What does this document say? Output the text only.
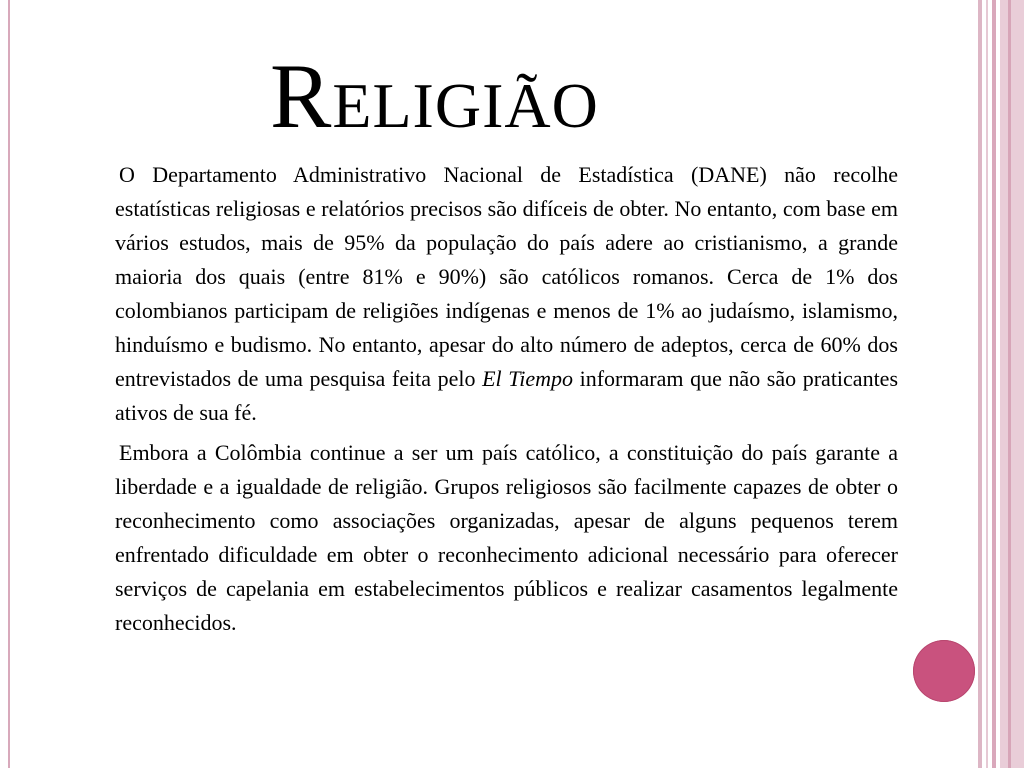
Religião

O Departamento Administrativo Nacional de Estadística (DANE) não recolhe estatísticas religiosas e relatórios precisos são difíceis de obter. No entanto, com base em vários estudos, mais de 95% da população do país adere ao cristianismo, a grande maioria dos quais (entre 81% e 90%) são católicos romanos. Cerca de 1% dos colombianos participam de religiões indígenas e menos de 1% ao judaísmo, islamismo, hinduísmo e budismo. No entanto, apesar do alto número de adeptos, cerca de 60% dos entrevistados de uma pesquisa feita pelo El Tiempo informaram que não são praticantes ativos de sua fé.

Embora a Colômbia continue a ser um país católico, a constituição do país garante a liberdade e a igualdade de religião. Grupos religiosos são facilmente capazes de obter o reconhecimento como associações organizadas, apesar de alguns pequenos terem enfrentado dificuldade em obter o reconhecimento adicional necessário para oferecer serviços de capelania em estabelecimentos públicos e realizar casamentos legalmente reconhecidos.
